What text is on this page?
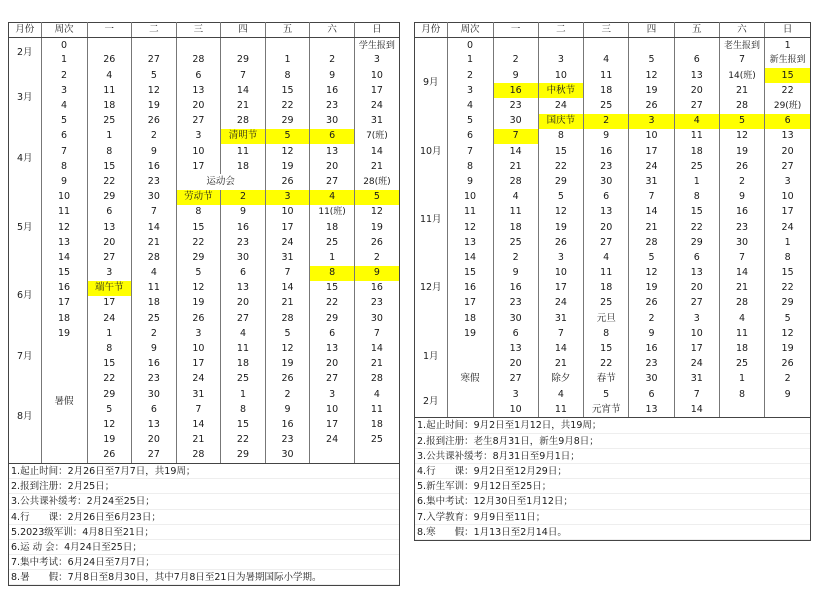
月份	周次	一	二	三	四	五	六	日
2月	0							学生报到
	1	26	27	28	29	1	2	3
3月	2	4	5	6	7	8	9	10
	3	11	12	13	14	15	16	17
	4	18	19	20	21	22	23	24
	5	25	26	27	28	29	30	31
4月	6	1	2	3	清明节	5	6	7(班)
	7	8	9	10	11	12	13	14
	8	15	16	17	18	19	20	21
	9	22	23	运动会		26	27	28(班)
5月	10	29	30	劳动节	2	3	4	5
	11	6	7	8	9	10	11(班)	12
	12	13	14	15	16	17	18	19
	13	20	21	22	23	24	25	26
	14	27	28	29	30	31	1	2
6月	15	3	4	5	6	7	8	9
	16	端午节	11	12	13	14	15	16
	17	17	18	19	20	21	22	23
	18	24	25	26	27	28	29	30
7月	19	1	2	3	4	5	6	7
	暑假	8	9	10	11	12	13	14
		15	16	17	18	19	20	21
		22	23	24	25	26	27	28
8月		29	30	31	1	2	3	4
		5	6	7	8	9	10	11
		12	13	14	15	16	17	18
		19	20	21	22	23	24	25
		26	27	28	29	30		
1.起止时间：2月26日至7月7日，共19周；
2.报到注册：2月25日；
3.公共课补缓考：2月24至25日；
4.行　　课：2月26日至6月23日；
5.2023级军训：4月8日至21日；
6.运 动 会：4月24日至25日；
7.集中考试：6月24日至7月7日；
8.暑　　假：7月8日至8月30日，其中7月8日至21日为暑期国际小学期。
月份	周次	一	二	三	四	五	六	日
	0						老生报到	1
9月	1	2	3	4	5	6	7	新生报到
	2	9	10	11	12	13	14(班)	15
	3	16	中秋节	18	19	20	21	22
	4	23	24	25	26	27	28	29(班)
10月	5	30	国庆节	2	3	4	5	6
	6	7	8	9	10	11	12	13
	7	14	15	16	17	18	19	20
	8	21	22	23	24	25	26	27
	9	28	29	30	31	1	2	3
11月	10	4	5	6	7	8	9	10
	11	11	12	13	14	15	16	17
	12	18	19	20	21	22	23	24
	13	25	26	27	28	29	30	1
12月	14	2	3	4	5	6	7	8
	15	9	10	11	12	13	14	15
	16	16	17	18	19	20	21	22
	17	23	24	25	26	27	28	29
	18	30	31	元旦	2	3	4	5
1月	19	6	7	8	9	10	11	12
	寒假	13	14	15	16	17	18	19
		20	21	22	23	24	25	26
		27	除夕	春节	30	31	1	2
2月		3	4	5	6	7	8	9
		10	11	元宵节	13	14		
1.起止时间：9月2日至1月12日，共19周；
2.报到注册：老生8月31日，新生9月8日；
3.公共课补缓考：8月31日至9月1日；
4.行　　课：9月2日至12月29日；
5.新生军训：9月12日至25日；
6.集中考试：12月30日至1月12日；
7.入学教育：9月9日至11日；
8.寒　　假：1月13日至2月14日。
